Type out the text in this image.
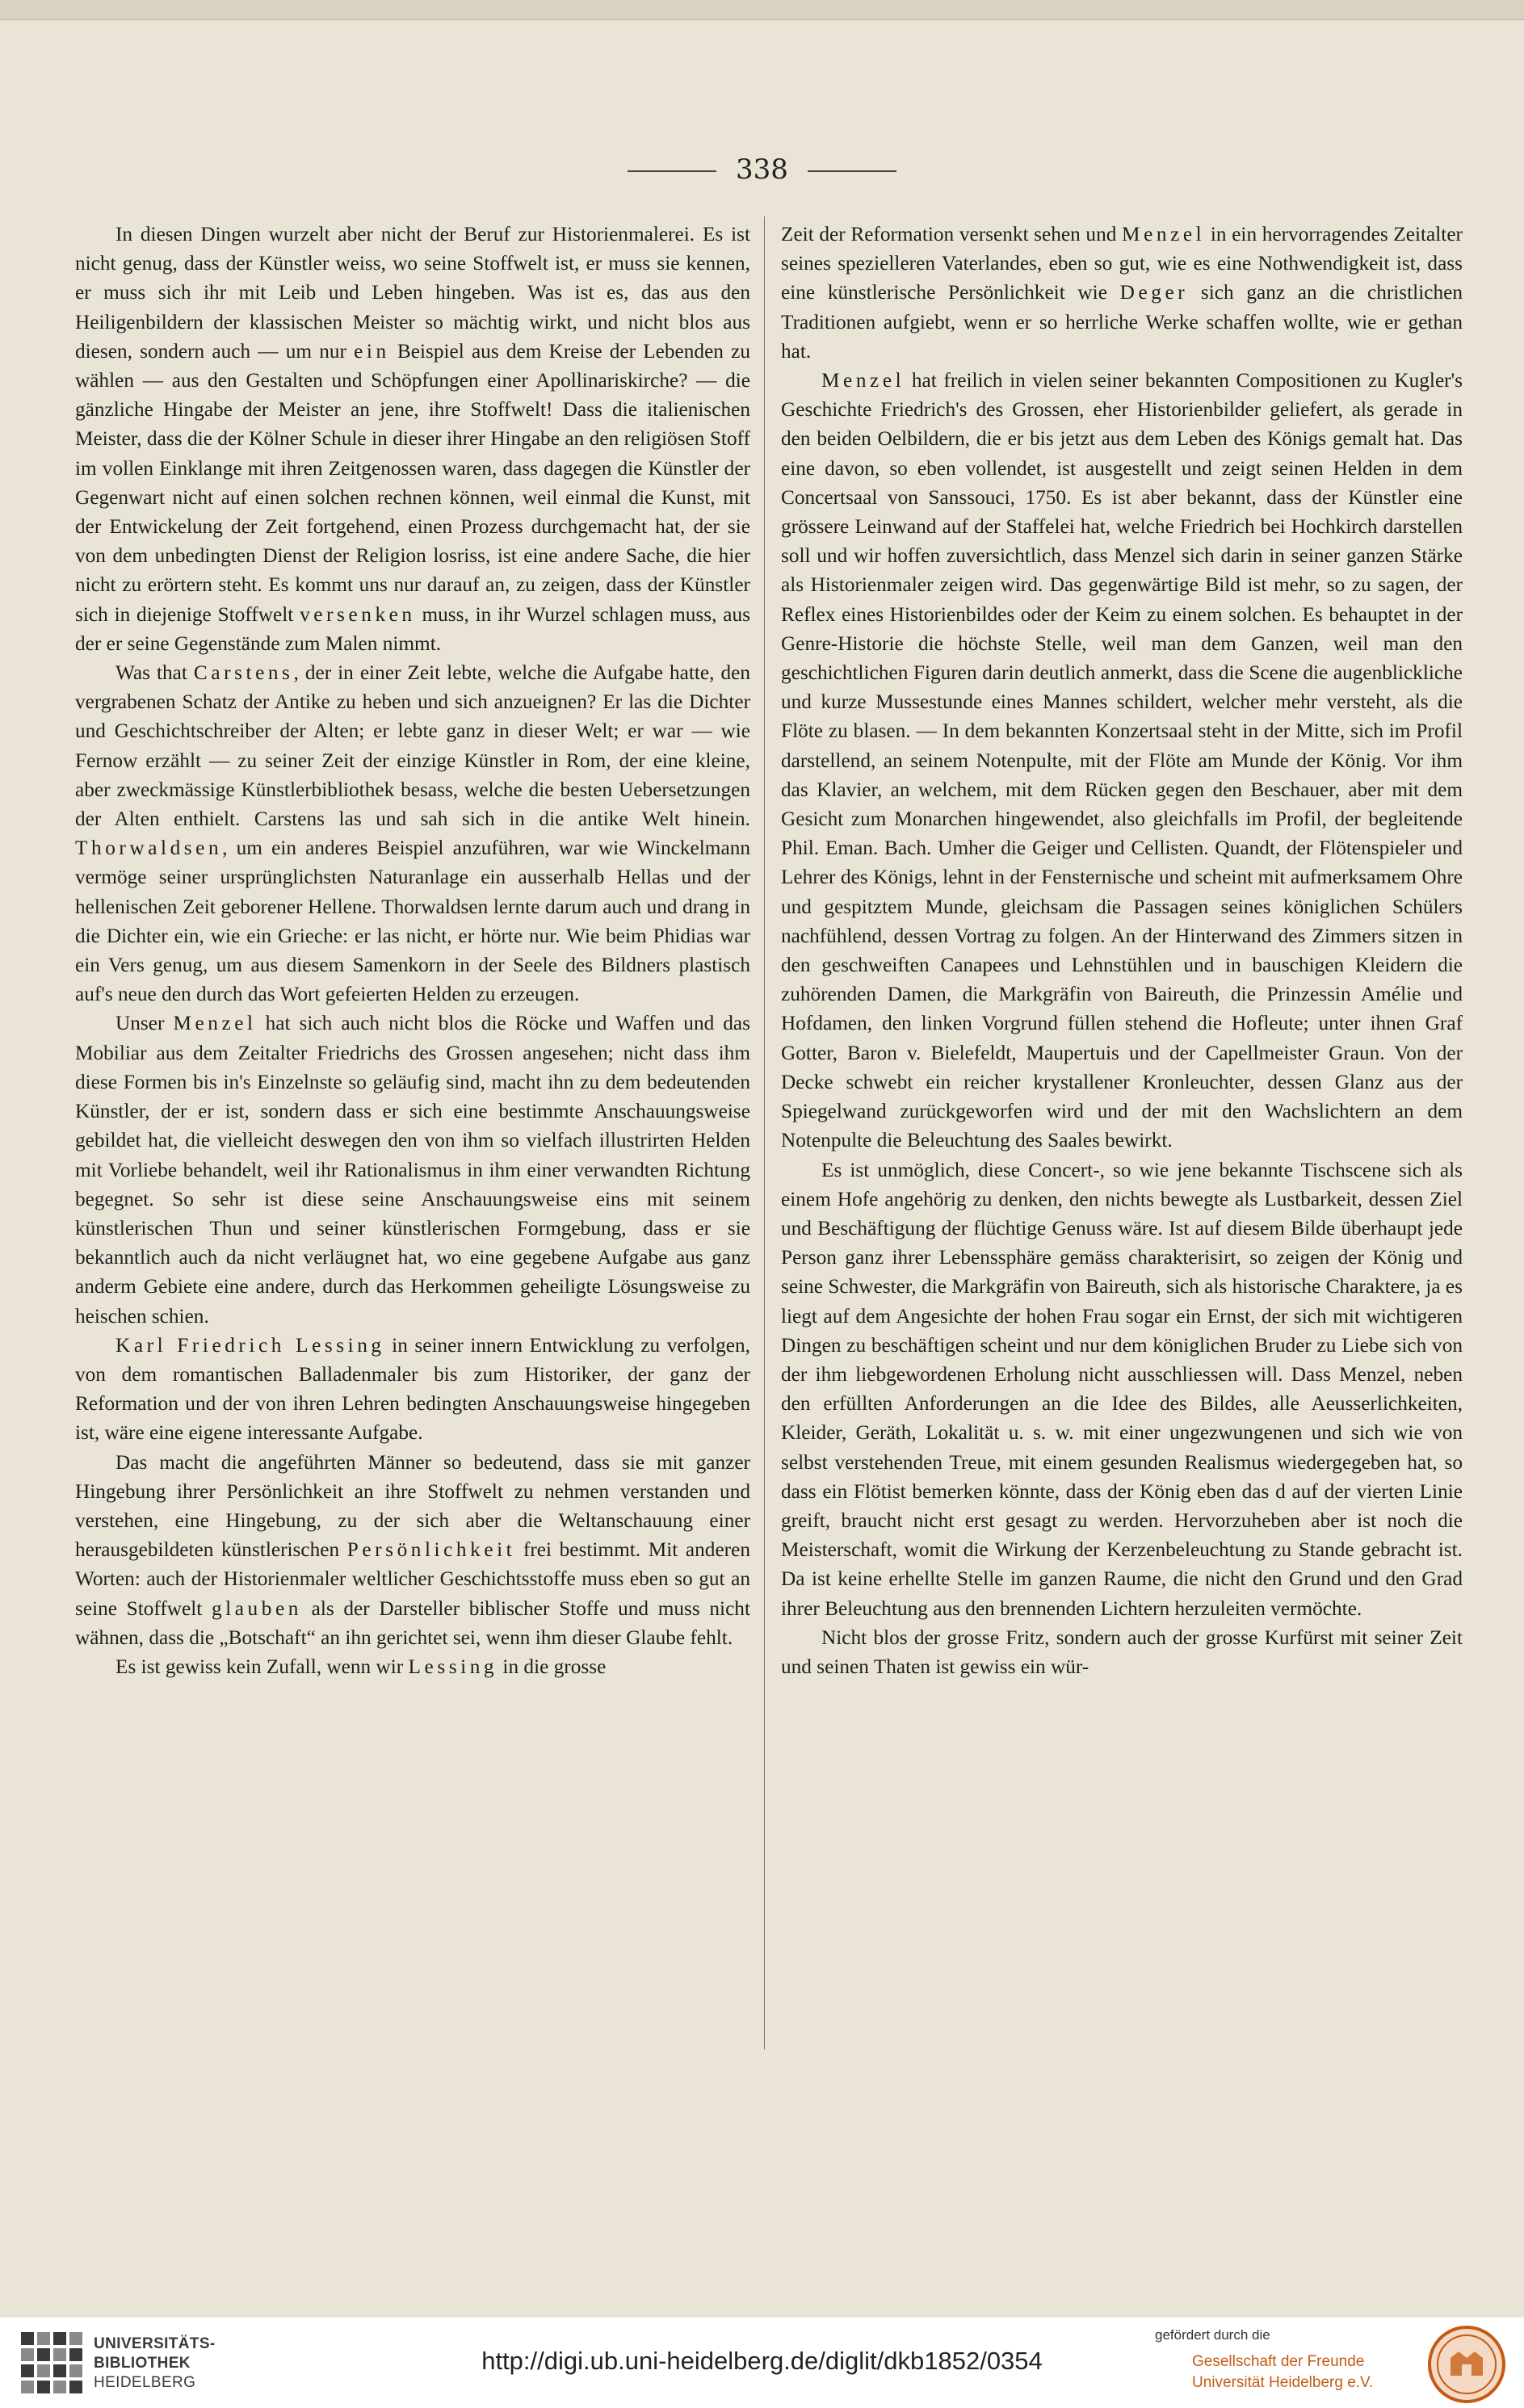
338

In diesen Dingen wurzelt aber nicht der Beruf zur Historienmalerei. Es ist nicht genug, dass der Künstler weiss, wo seine Stoffwelt ist, er muss sie kennen, er muss sich ihr mit Leib und Leben hingeben. Was ist es, das aus den Heiligenbildern der klassischen Meister so mächtig wirkt, und nicht blos aus diesen, sondern auch — um nur ein Beispiel aus dem Kreise der Lebenden zu wählen — aus den Gestalten und Schöpfungen einer Apollinariskirche? — die gänzliche Hingabe der Meister an jene, ihre Stoffwelt! Dass die italienischen Meister, dass die der Kölner Schule in dieser ihrer Hingabe an den religiösen Stoff im vollen Einklange mit ihren Zeitgenossen waren, dass dagegen die Künstler der Gegenwart nicht auf einen solchen rechnen können, weil einmal die Kunst, mit der Entwickelung der Zeit fortgehend, einen Prozess durchgemacht hat, der sie von dem unbedingten Dienst der Religion losriss, ist eine andere Sache, die hier nicht zu erörtern steht. Es kommt uns nur darauf an, zu zeigen, dass der Künstler sich in diejenige Stoffwelt versenken muss, in ihr Wurzel schlagen muss, aus der er seine Gegenstände zum Malen nimmt.

Was that Carstens, der in einer Zeit lebte, welche die Aufgabe hatte, den vergrabenen Schatz der Antike zu heben und sich anzueignen? Er las die Dichter und Geschichtschreiber der Alten; er lebte ganz in dieser Welt; er war — wie Fernow erzählt — zu seiner Zeit der einzige Künstler in Rom, der eine kleine, aber zweckmässige Künstlerbibliothek besass, welche die besten Uebersetzungen der Alten enthielt. Carstens las und sah sich in die antike Welt hinein. Thorwaldsen, um ein anderes Beispiel anzuführen, war wie Winckelmann vermöge seiner ursprünglichsten Naturanlage ein ausserhalb Hellas und der hellenischen Zeit geborener Hellene. Thorwaldsen lernte darum auch und drang in die Dichter ein, wie ein Grieche: er las nicht, er hörte nur. Wie beim Phidias war ein Vers genug, um aus diesem Samenkorn in der Seele des Bildners plastisch auf's neue den durch das Wort gefeierten Helden zu erzeugen.

Unser Menzel hat sich auch nicht blos die Röcke und Waffen und das Mobiliar aus dem Zeitalter Friedrichs des Grossen angesehen; nicht dass ihm diese Formen bis in's Einzelnste so geläufig sind, macht ihn zu dem bedeutenden Künstler, der er ist, sondern dass er sich eine bestimmte Anschauungsweise gebildet hat, die vielleicht deswegen den von ihm so vielfach illustrirten Helden mit Vorliebe behandelt, weil ihr Rationalismus in ihm einer verwandten Richtung begegnet. So sehr ist diese seine Anschauungsweise eins mit seinem künstlerischen Thun und seiner künstlerischen Formgebung, dass er sie bekanntlich auch da nicht verläugnet hat, wo eine gegebene Aufgabe aus ganz anderm Gebiete eine andere, durch das Herkommen geheiligte Lösungsweise zu heischen schien.

Karl Friedrich Lessing in seiner innern Entwicklung zu verfolgen, von dem romantischen Balladenmaler bis zum Historiker, der ganz der Reformation und der von ihren Lehren bedingten Anschauungsweise hingegeben ist, wäre eine eigene interessante Aufgabe.

Das macht die angeführten Männer so bedeutend, dass sie mit ganzer Hingebung ihrer Persönlichkeit an ihre Stoffwelt zu nehmen verstanden und verstehen, eine Hingebung, zu der sich aber die Weltanschauung einer herausgebildeten künstlerischen Persönlichkeit frei bestimmt. Mit anderen Worten: auch der Historienmaler weltlicher Geschichtsstoffe muss eben so gut an seine Stoffwelt glauben als der Darsteller biblischer Stoffe und muss nicht wähnen, dass die „Botschaft“ an ihn gerichtet sei, wenn ihm dieser Glaube fehlt.

Es ist gewiss kein Zufall, wenn wir Lessing in die grosse

Zeit der Reformation versenkt sehen und Menzel in ein hervorragendes Zeitalter seines spezielleren Vaterlandes, eben so gut, wie es eine Nothwendigkeit ist, dass eine künstlerische Persönlichkeit wie Deger sich ganz an die christlichen Traditionen aufgiebt, wenn er so herrliche Werke schaffen wollte, wie er gethan hat.

Menzel hat freilich in vielen seiner bekannten Compositionen zu Kugler's Geschichte Friedrich's des Grossen, eher Historienbilder geliefert, als gerade in den beiden Oelbildern, die er bis jetzt aus dem Leben des Königs gemalt hat. Das eine davon, so eben vollendet, ist ausgestellt und zeigt seinen Helden in dem Concertsaal von Sanssouci, 1750. Es ist aber bekannt, dass der Künstler eine grössere Leinwand auf der Staffelei hat, welche Friedrich bei Hochkirch darstellen soll und wir hoffen zuversichtlich, dass Menzel sich darin in seiner ganzen Stärke als Historienmaler zeigen wird. Das gegenwärtige Bild ist mehr, so zu sagen, der Reflex eines Historienbildes oder der Keim zu einem solchen. Es behauptet in der Genre-Historie die höchste Stelle, weil man dem Ganzen, weil man den geschichtlichen Figuren darin deutlich anmerkt, dass die Scene die augenblickliche und kurze Mussestunde eines Mannes schildert, welcher mehr versteht, als die Flöte zu blasen. — In dem bekannten Konzertsaal steht in der Mitte, sich im Profil darstellend, an seinem Notenpulte, mit der Flöte am Munde der König. Vor ihm das Klavier, an welchem, mit dem Rücken gegen den Beschauer, aber mit dem Gesicht zum Monarchen hingewendet, also gleichfalls im Profil, der begleitende Phil. Eman. Bach. Umher die Geiger und Cellisten. Quandt, der Flötenspieler und Lehrer des Königs, lehnt in der Fensternische und scheint mit aufmerksamem Ohre und gespitztem Munde, gleichsam die Passagen seines königlichen Schülers nachfühlend, dessen Vortrag zu folgen. An der Hinterwand des Zimmers sitzen in den geschweiften Canapees und Lehnstühlen und in bauschigen Kleidern die zuhörenden Damen, die Markgräfin von Baireuth, die Prinzessin Amélie und Hofdamen, den linken Vorgrund füllen stehend die Hofleute; unter ihnen Graf Gotter, Baron v. Bielefeldt, Maupertuis und der Capellmeister Graun. Von der Decke schwebt ein reicher krystallener Kronleuchter, dessen Glanz aus der Spiegelwand zurückgeworfen wird und der mit den Wachslichtern an dem Notenpulte die Beleuchtung des Saales bewirkt.

Es ist unmöglich, diese Concert-, so wie jene bekannte Tischscene sich als einem Hofe angehörig zu denken, den nichts bewegte als Lustbarkeit, dessen Ziel und Beschäftigung der flüchtige Genuss wäre. Ist auf diesem Bilde überhaupt jede Person ganz ihrer Lebenssphäre gemäss charakterisirt, so zeigen der König und seine Schwester, die Markgräfin von Baireuth, sich als historische Charaktere, ja es liegt auf dem Angesichte der hohen Frau sogar ein Ernst, der sich mit wichtigeren Dingen zu beschäftigen scheint und nur dem königlichen Bruder zu Liebe sich von der ihm liebgewordenen Erholung nicht ausschliessen will. Dass Menzel, neben den erfüllten Anforderungen an die Idee des Bildes, alle Aeusserlichkeiten, Kleider, Geräth, Lokalität u. s. w. mit einer ungezwungenen und sich wie von selbst verstehenden Treue, mit einem gesunden Realismus wiedergegeben hat, so dass ein Flötist bemerken könnte, dass der König eben das d auf der vierten Linie greift, braucht nicht erst gesagt zu werden. Hervorzuheben aber ist noch die Meisterschaft, womit die Wirkung der Kerzenbeleuchtung zu Stande gebracht ist. Da ist keine erhellte Stelle im ganzen Raume, die nicht den Grund und den Grad ihrer Beleuchtung aus den brennenden Lichtern herzuleiten vermöchte.

Nicht blos der grosse Fritz, sondern auch der grosse Kurfürst mit seiner Zeit und seinen Thaten ist gewiss ein wür-

UNIVERSITÄTS-
BIBLIOTHEK
HEIDELBERG
http://digi.ub.uni-heidelberg.de/diglit/dkb1852/0354
gefördert durch die
Gesellschaft der Freunde
Universität Heidelberg e.V.
